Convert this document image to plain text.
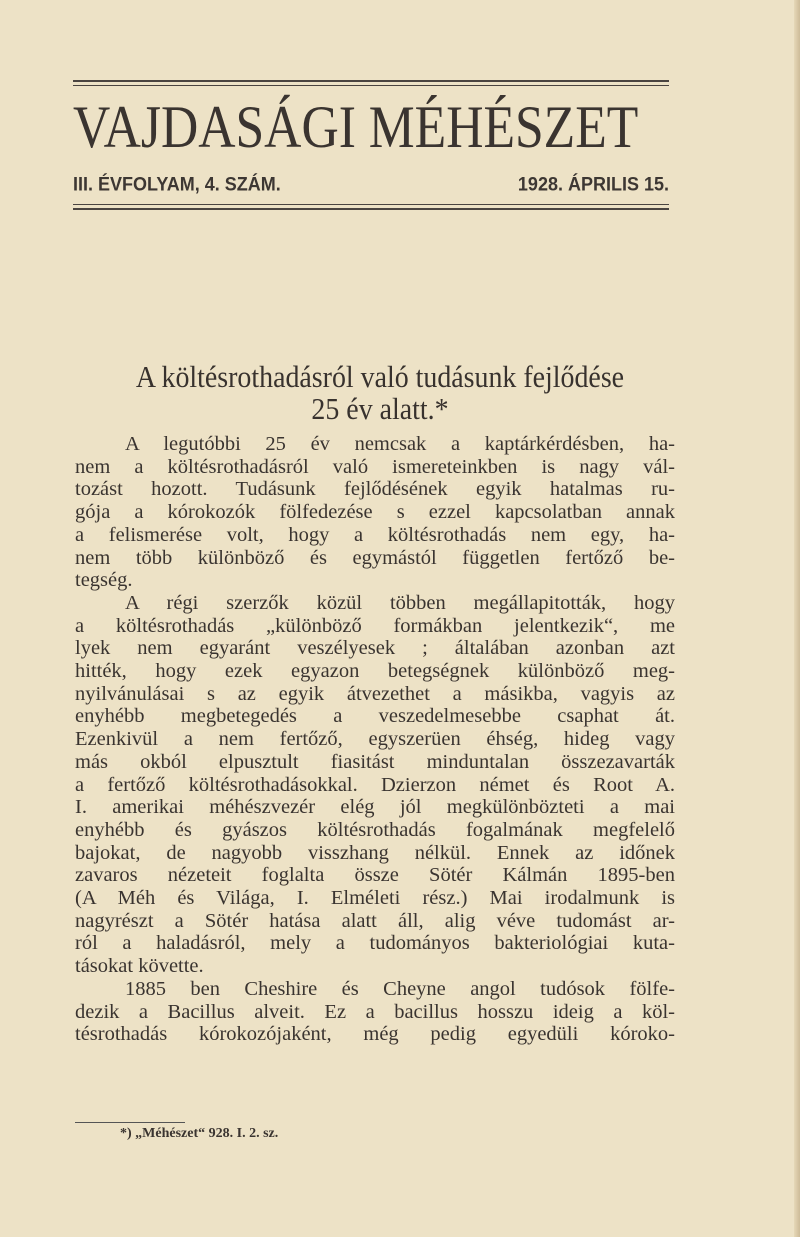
VAJDASÁGI MÉHÉSZET
III. ÉVFOLYAM, 4. SZÁM.	1928. ÁPRILIS 15.
A költésrothadásról való tudásunk fejlődése
25 év alatt.*
A legutóbbi 25 év nemcsak a kaptárkérdésben, ha-
nem a költésrothadásról való ismereteinkben is nagy vál-
tozást hozott. Tudásunk fejlődésének egyik hatalmas ru-
gója a kórokozók fölfedezése s ezzel kapcsolatban annak
a felismerése volt, hogy a költésrothadás nem egy, ha-
nem több különböző és egymástól független fertőző be-
tegség.
A régi szerzők közül többen megállapitották, hogy
a költésrothadás „különböző formákban jelentkezik“, me
lyek nem egyaránt veszélyesek ; általában azonban azt
hitték, hogy ezek egyazon betegségnek különböző meg-
nyilvánulásai s az egyik átvezethet a másikba, vagyis az
enyhébb megbetegedés a veszedelmesebbe csaphat át.
Ezenkivül a nem fertőző, egyszerüen éhség, hideg vagy
más okból elpusztult fiasitást minduntalan összezavarták
a fertőző költésrothadásokkal. Dzierzon német és Root A.
I. amerikai méhészvezér elég jól megkülönbözteti a mai
enyhébb és gyászos költésrothadás fogalmának megfelelő
bajokat, de nagyobb visszhang nélkül. Ennek az időnek
zavaros nézeteit foglalta össze Sötér Kálmán 1895-ben
(A Méh és Világa, I. Elméleti rész.) Mai irodalmunk is
nagyrészt a Sötér hatása alatt áll, alig véve tudomást ar-
ról a haladásról, mely a tudományos bakteriológiai kuta-
tásokat követte.
1885 ben Cheshire és Cheyne angol tudósok fölfe-
dezik a Bacillus alveit. Ez a bacillus hosszu ideig a köl-
tésrothadás kórokozójaként, még pedig egyedüli kóroko-
*) „Méhészet“ 928. I. 2. sz.
